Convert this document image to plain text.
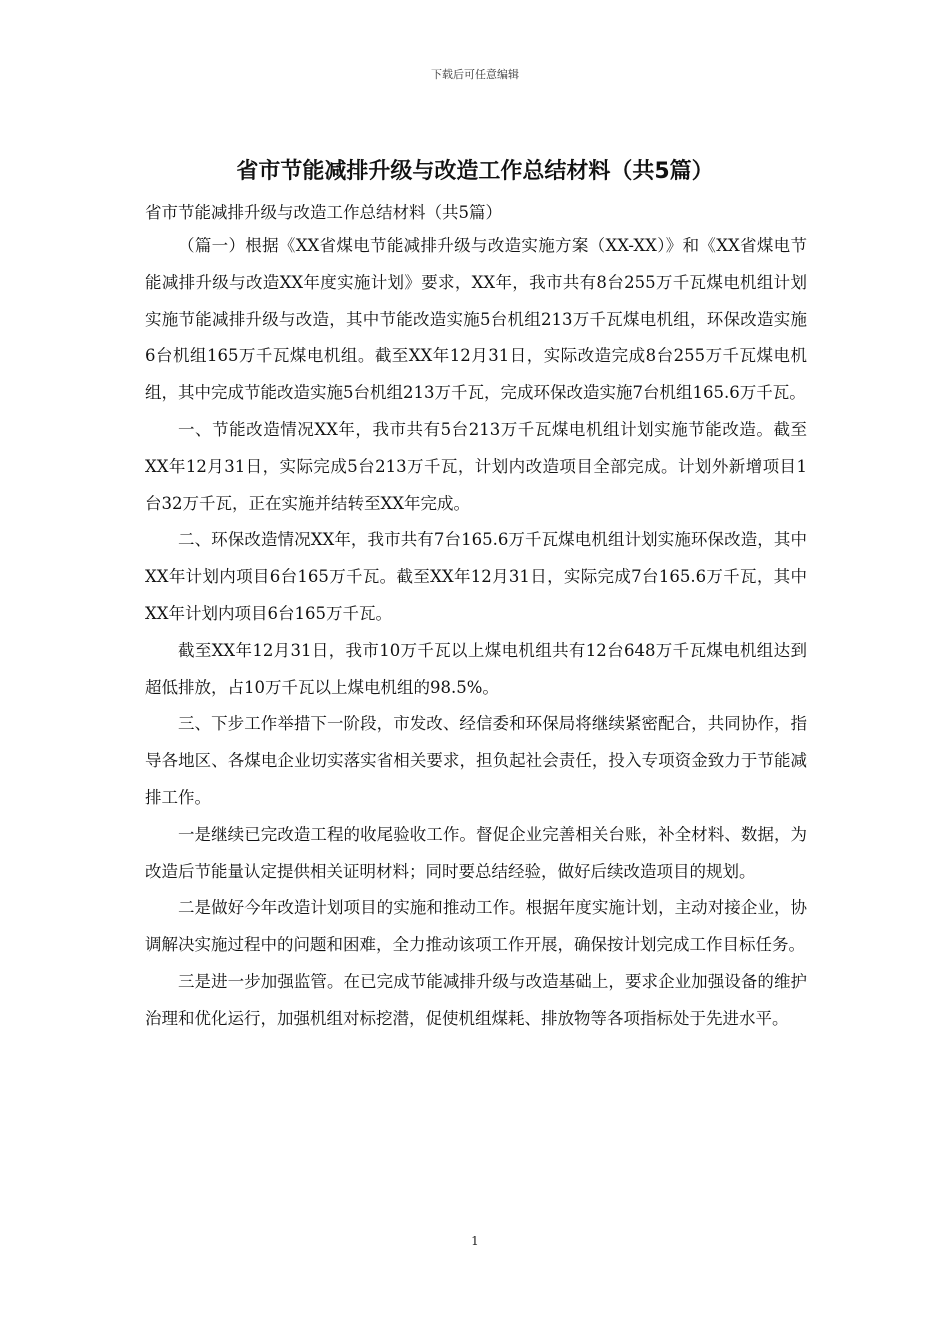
下载后可任意编辑
省市节能减排升级与改造工作总结材料（共5篇）

省市节能减排升级与改造工作总结材料（共5篇）

（篇一）根据《XX省煤电节能减排升级与改造实施方案（XX-XX）》和《XX省煤电节能减排升级与改造XX年度实施计划》要求，XX年，我市共有8台255万千瓦煤电机组计划实施节能减排升级与改造，其中节能改造实施5台机组213万千瓦煤电机组，环保改造实施6台机组165万千瓦煤电机组。截至XX年12月31日，实际改造完成8台255万千瓦煤电机组，其中完成节能改造实施5台机组213万千瓦，完成环保改造实施7台机组165.6万千瓦。

一、节能改造情况XX年，我市共有5台213万千瓦煤电机组计划实施节能改造。截至XX年12月31日，实际完成5台213万千瓦，计划内改造项目全部完成。计划外新增项目1台32万千瓦，正在实施并结转至XX年完成。

二、环保改造情况XX年，我市共有7台165.6万千瓦煤电机组计划实施环保改造，其中XX年计划内项目6台165万千瓦。截至XX年12月31日，实际完成7台165.6万千瓦，其中XX年计划内项目6台165万千瓦。

截至XX年12月31日，我市10万千瓦以上煤电机组共有12台648万千瓦煤电机组达到超低排放，占10万千瓦以上煤电机组的98.5%。

三、下步工作举措下一阶段，市发改、经信委和环保局将继续紧密配合，共同协作，指导各地区、各煤电企业切实落实省相关要求，担负起社会责任，投入专项资金致力于节能减排工作。

一是继续已完改造工程的收尾验收工作。督促企业完善相关台账，补全材料、数据，为改造后节能量认定提供相关证明材料；同时要总结经验，做好后续改造项目的规划。

二是做好今年改造计划项目的实施和推动工作。根据年度实施计划，主动对接企业，协调解决实施过程中的问题和困难，全力推动该项工作开展，确保按计划完成工作目标任务。

三是进一步加强监管。在已完成节能减排升级与改造基础上，要求企业加强设备的维护治理和优化运行，加强机组对标挖潜，促使机组煤耗、排放物等各项指标处于先进水平。

1
